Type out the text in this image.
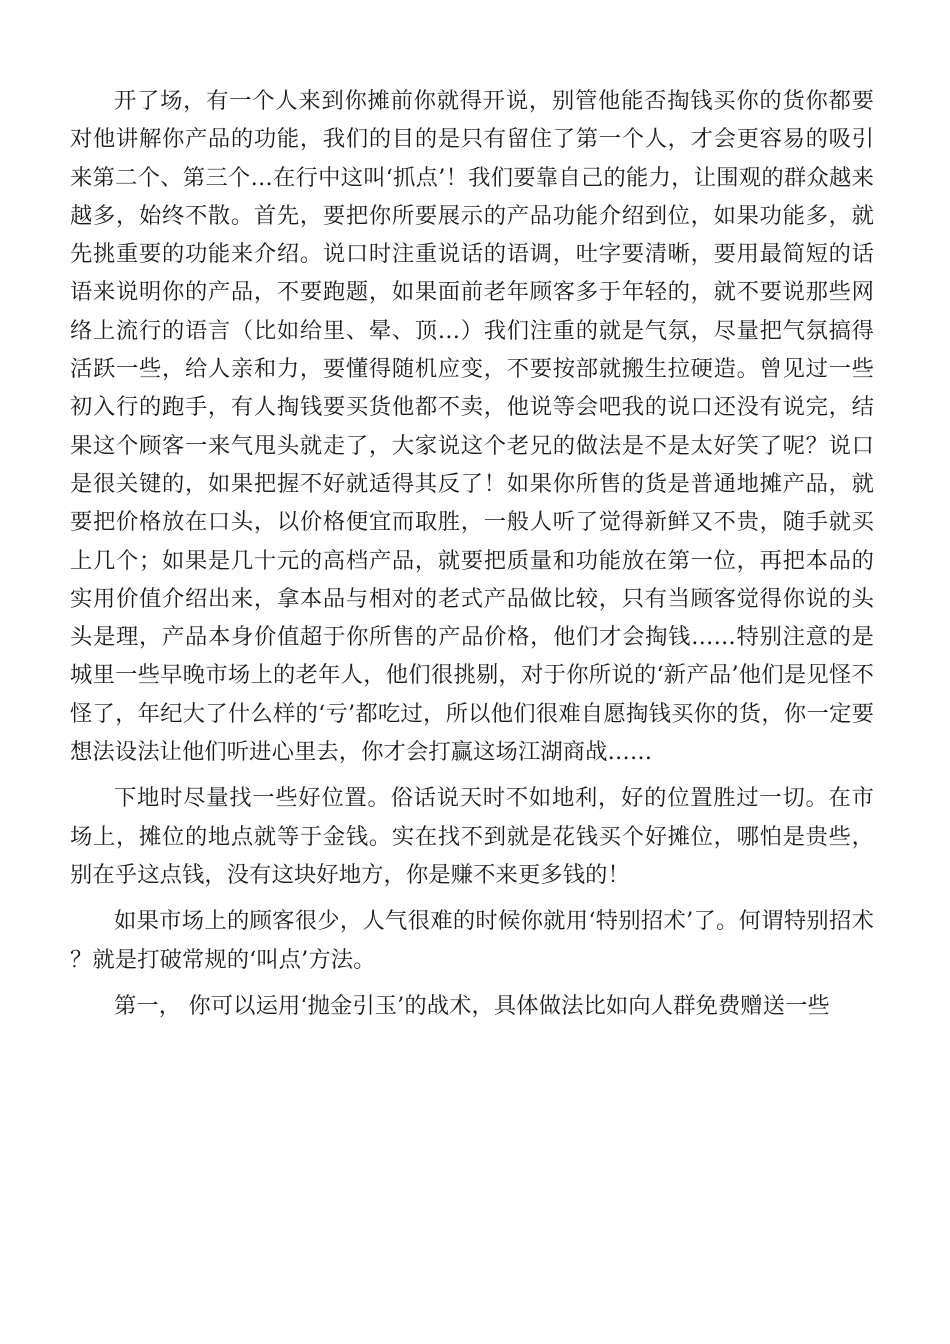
开了场，有一个人来到你摊前你就得开说，别管他能否掏钱买你的货你都要对他讲解你产品的功能，我们的目的是只有留住了第一个人，才会更容易的吸引来第二个、第三个…在行中这叫‘抓点’！我们要靠自己的能力，让围观的群众越来越多，始终不散。首先，要把你所要展示的产品功能介绍到位，如果功能多，就先挑重要的功能来介绍。说口时注重说话的语调，吐字要清晰，要用最简短的话语来说明你的产品，不要跑题，如果面前老年顾客多于年轻的，就不要说那些网络上流行的语言（比如给里、晕、顶…）我们注重的就是气氛，尽量把气氛搞得活跃一些，给人亲和力，要懂得随机应变，不要按部就搬生拉硬造。曾见过一些初入行的跑手，有人掏钱要买货他都不卖，他说等会吧我的说口还没有说完，结果这个顾客一来气甩头就走了，大家说这个老兄的做法是不是太好笑了呢？说口是很关键的，如果把握不好就适得其反了！如果你所售的货是普通地摊产品，就要把价格放在口头，以价格便宜而取胜，一般人听了觉得新鲜又不贵，随手就买上几个；如果是几十元的高档产品，就要把质量和功能放在第一位，再把本品的实用价值介绍出来，拿本品与相对的老式产品做比较，只有当顾客觉得你说的头头是理，产品本身价值超于你所售的产品价格，他们才会掏钱……特别注意的是城里一些早晚市场上的老年人，他们很挑剔，对于你所说的‘新产品’他们是见怪不怪了，年纪大了什么样的‘亏’都吃过，所以他们很难自愿掏钱买你的货，你一定要想法设法让他们听进心里去，你才会打赢这场江湖商战……

下地时尽量找一些好位置。俗话说天时不如地利，好的位置胜过一切。在市场上，摊位的地点就等于金钱。实在找不到就是花钱买个好摊位，哪怕是贵些，别在乎这点钱，没有这块好地方，你是赚不来更多钱的！

如果市场上的顾客很少，人气很难的时候你就用‘特别招术’了。何谓特别招术？就是打破常规的‘叫点’方法。

第一， 你可以运用‘抛金引玉’的战术，具体做法比如向人群免费赠送一些
